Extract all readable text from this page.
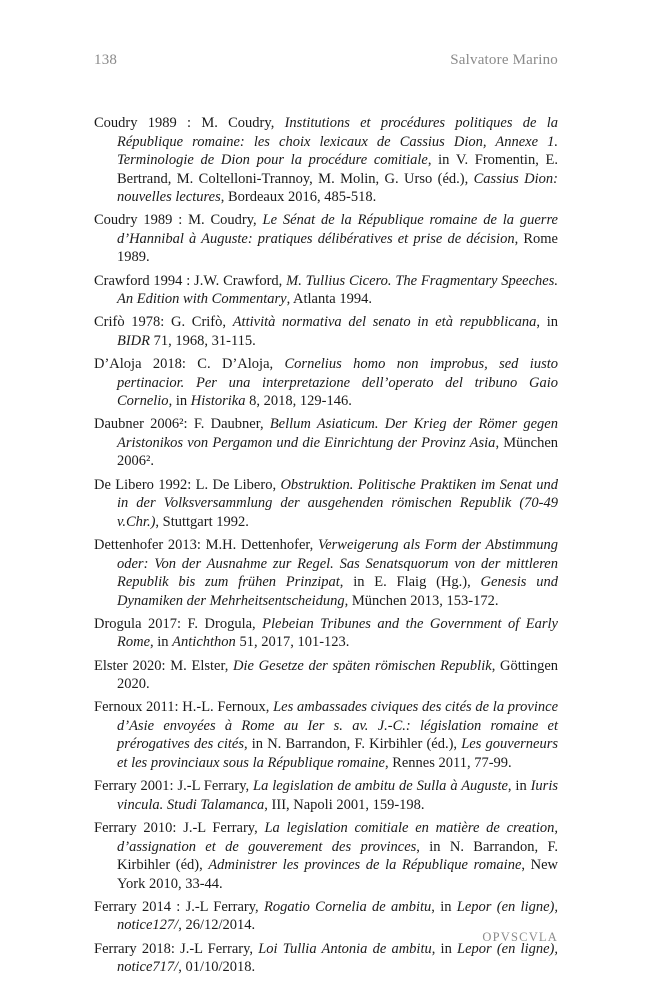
138	Salvatore Marino

Coudry 1989 : M. Coudry, Institutions et procédures politiques de la République romaine: les choix lexicaux de Cassius Dion, Annexe 1. Terminologie de Dion pour la procédure comitiale, in V. Fromentin, E. Bertrand, M. Coltelloni-Trannoy, M. Molin, G. Urso (éd.), Cassius Dion: nouvelles lectures, Bordeaux 2016, 485-518.

Coudry 1989 : M. Coudry, Le Sénat de la République romaine de la guerre d’Hannibal à Auguste: pratiques délibératives et prise de décision, Rome 1989.

Crawford 1994 : J.W. Crawford, M. Tullius Cicero. The Fragmentary Speeches. An Edition with Commentary, Atlanta 1994.

Crifò 1978: G. Crifò, Attività normativa del senato in età repubblicana, in BIDR 71, 1968, 31-115.

D’Aloja 2018: C. D’Aloja, Cornelius homo non improbus, sed iusto pertinacior. Per una interpretazione dell’operato del tribuno Gaio Cornelio, in Historika 8, 2018, 129-146.

Daubner 2006²: F. Daubner, Bellum Asiaticum. Der Krieg der Römer gegen Aristonikos von Pergamon und die Einrichtung der Provinz Asia, München 2006².

De Libero 1992: L. De Libero, Obstruktion. Politische Praktiken im Senat und in der Volksversammlung der ausgehenden römischen Republik (70-49 v.Chr.), Stuttgart 1992.

Dettenhofer 2013: M.H. Dettenhofer, Verweigerung als Form der Abstimmung oder: Von der Ausnahme zur Regel. Sas Senatsquorum von der mittleren Republik bis zum frühen Prinzipat, in E. Flaig (Hg.), Genesis und Dynamiken der Mehrheitsentscheidung, München 2013, 153-172.

Drogula 2017: F. Drogula, Plebeian Tribunes and the Government of Early Rome, in Antichthon 51, 2017, 101-123.

Elster 2020: M. Elster, Die Gesetze der späten römischen Republik, Göttingen 2020.

Fernoux 2011: H.-L. Fernoux, Les ambassades civiques des cités de la province d’Asie envoyées à Rome au Ier s. av. J.-C.: législation romaine et prérogatives des cités, in N. Barrandon, F. Kirbihler (éd.), Les gouverneurs et les provinciaux sous la République romaine, Rennes 2011, 77-99.

Ferrary 2001: J.-L Ferrary, La legislation de ambitu de Sulla à Auguste, in Iuris vincula. Studi Talamanca, III, Napoli 2001, 159-198.

Ferrary 2010: J.-L Ferrary, La legislation comitiale en matière de creation, d’assignation et de gouverement des provinces, in N. Barrandon, F. Kirbihler (éd), Administrer les provinces de la République romaine, New York 2010, 33-44.

Ferrary 2014 : J.-L Ferrary, Rogatio Cornelia de ambitu, in Lepor (en ligne), notice127/, 26/12/2014.

Ferrary 2018: J.-L Ferrary, Loi Tullia Antonia de ambitu, in Lepor (en ligne), notice717/, 01/10/2018.

OPVSCVLA
